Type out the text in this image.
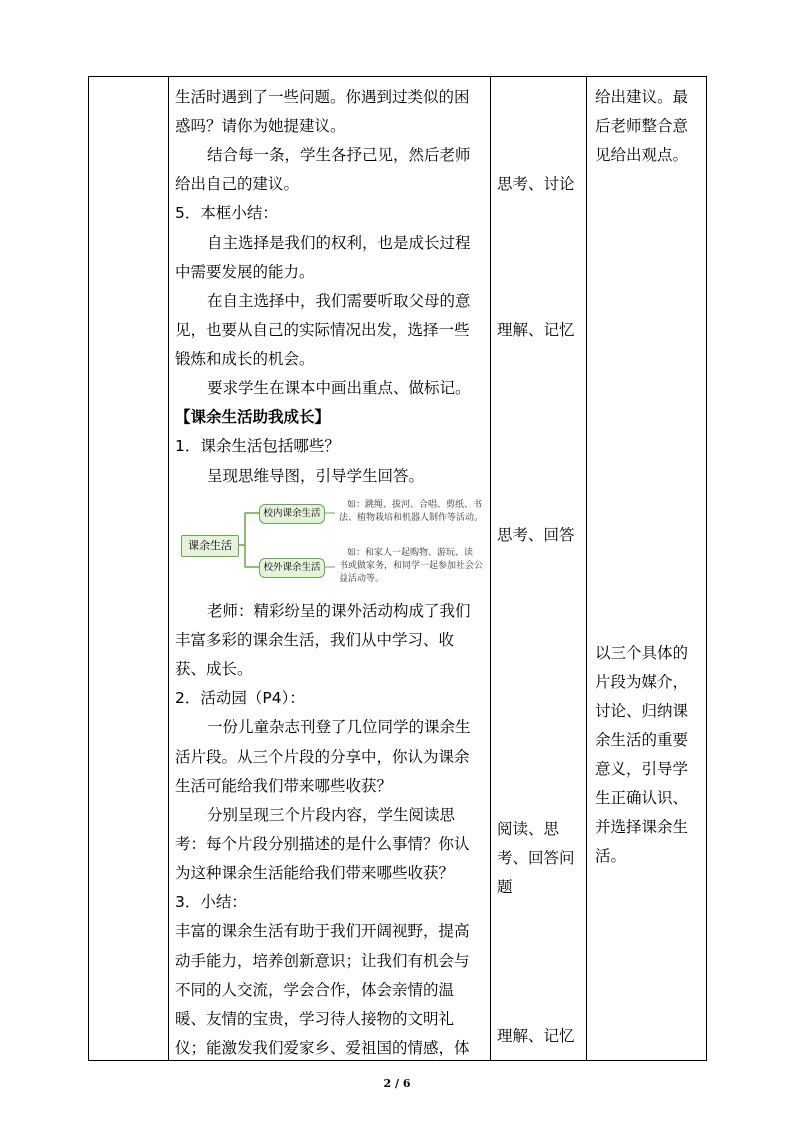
生活时遇到了一些问题。你遇到过类似的困
惑吗？请你为她提建议。
结合每一条，学生各抒己见，然后老师
给出自己的建议。
5．本框小结：
自主选择是我们的权利，也是成长过程
中需要发展的能力。
在自主选择中，我们需要听取父母的意
见，也要从自己的实际情况出发，选择一些
锻炼和成长的机会。
要求学生在课本中画出重点、做标记。
【课余生活助我成长】
1．课余生活包括哪些？
呈现思维导图，引导学生回答。
课余生活
校内课余生活
校外课余生活
如：跳绳、拔河、合唱、剪纸、书
法、植物栽培和机器人制作等活动。
如：和家人一起购物、游玩、读
书或做家务，和同学一起参加社会公
益活动等。
老师：精彩纷呈的课外活动构成了我们
丰富多彩的课余生活，我们从中学习、收
获、成长。
2．活动园（P4）：
一份儿童杂志刊登了几位同学的课余生
活片段。从三个片段的分享中，你认为课余
生活可能给我们带来哪些收获？
分别呈现三个片段内容，学生阅读思
考：每个片段分别描述的是什么事情？你认
为这种课余生活能给我们带来哪些收获？
3．小结：
丰富的课余生活有助于我们开阔视野，提高
动手能力，培养创新意识；让我们有机会与
不同的人交流，学会合作，体会亲情的温
暖、友情的宝贵，学习待人接物的文明礼
仪；能激发我们爱家乡、爱祖国的情感，体
思考、讨论
理解、记忆
思考、回答
阅读、思
考、回答问
题
理解、记忆
给出建议。最
后老师整合意
见给出观点。
以三个具体的
片段为媒介，
讨论、归纳课
余生活的重要
意义，引导学
生正确认识、
并选择课余生
活。
2 / 6
